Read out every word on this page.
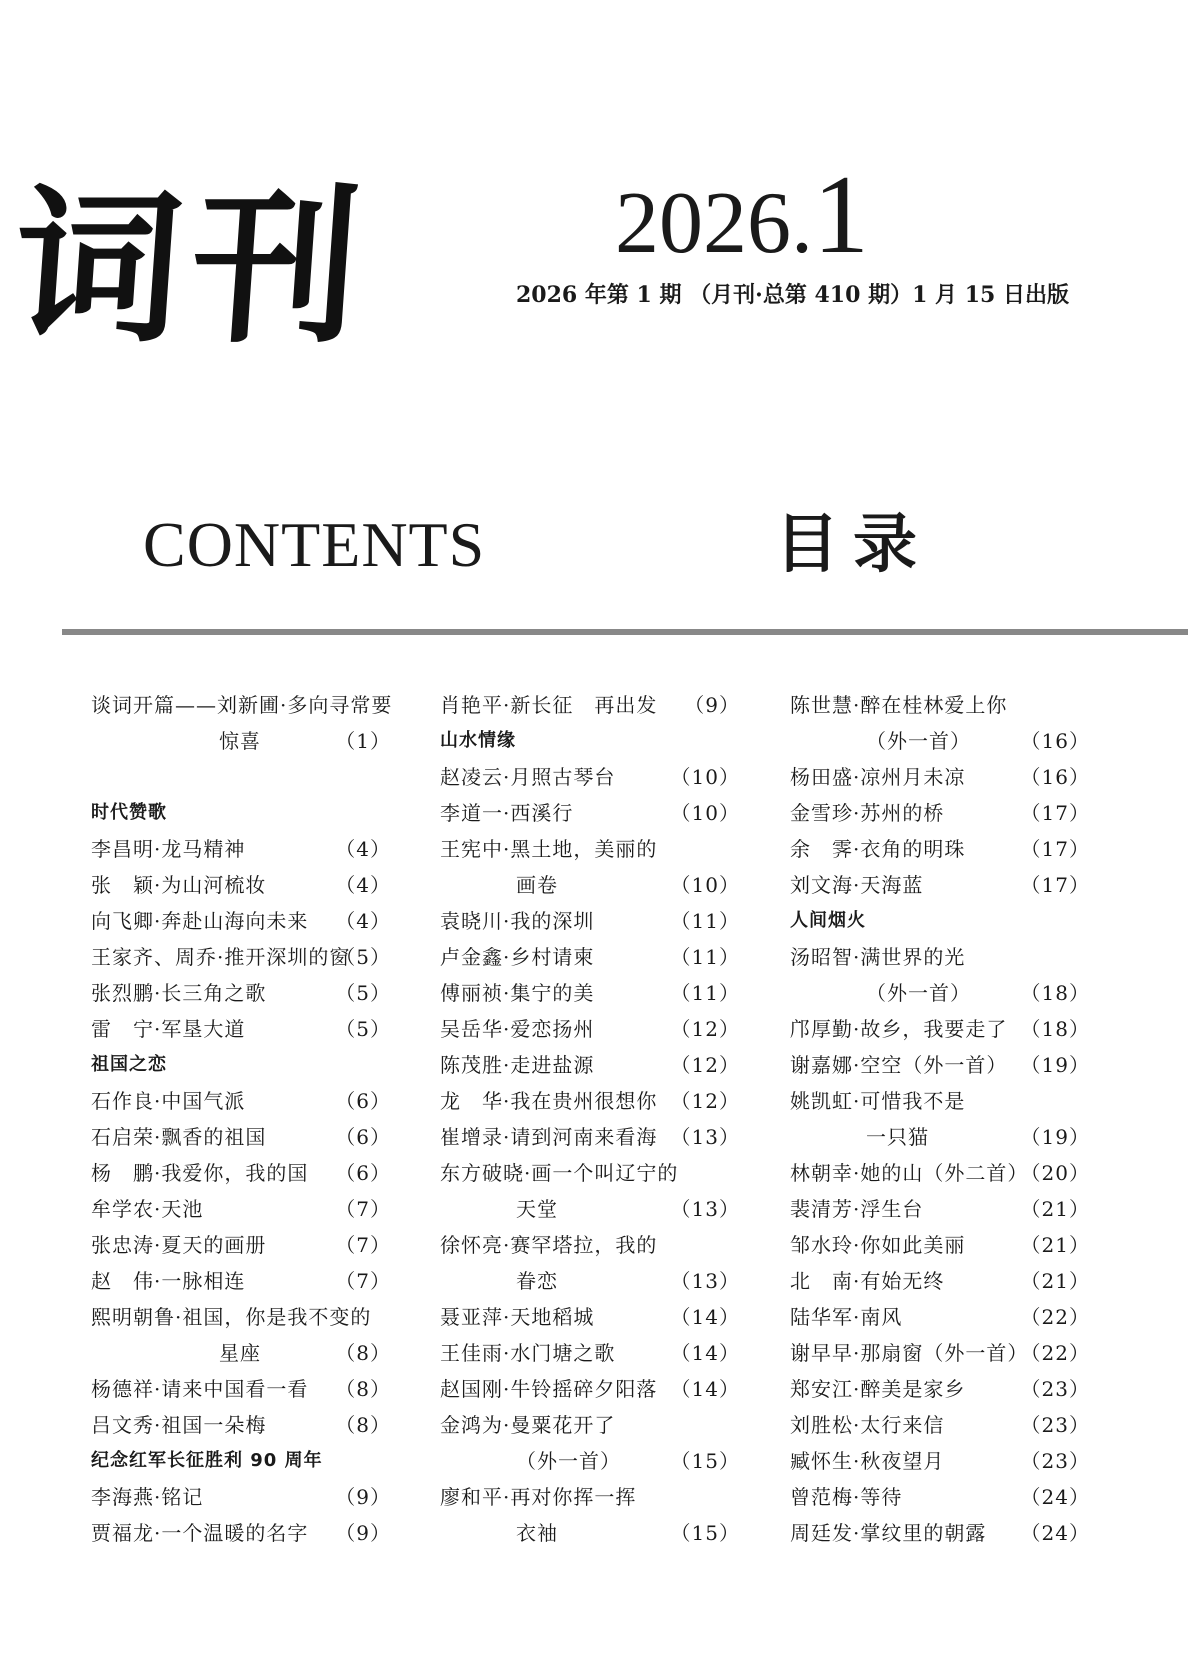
词刊	2026.1
2026 年第 1 期 （月刊·总第 410 期）1 月 15 日出版
CONTENTS	目录
谈词开篇——刘新圃·多向寻常要
惊喜	（1）
时代赞歌
李昌明·龙马精神	（4）
张　颖·为山河梳妆	（4）
向飞卿·奔赴山海向未来 （4）
王家齐、周乔·推开深圳的窗
（5）
张烈鹏·长三角之歌	（5）
雷　宁·军垦大道	（5）
祖国之恋
石作良·中国气派	（6）
石启荣·飘香的祖国	（6）
杨　鹏·我爱你，我的国 （6）
牟学农·天池	（7）
张忠涛·夏天的画册	（7）
赵　伟·一脉相连	（7）
熙明朝鲁·祖国，你是我不变的
星座	（8）
杨德祥·请来中国看一看 （8）
吕文秀·祖国一朵梅	（8）
纪念红军长征胜利 90 周年
李海燕·铭记	（9）
贾福龙·一个温暖的名字 （9）
肖艳平·新长征　再出发 （9）
山水情缘
赵凌云·月照古琴台	（10）
李道一·西溪行	（10）
王宪中·黑土地，美丽的
画卷	（10）
袁晓川·我的深圳	（11）
卢金鑫·乡村请柬	（11）
傅丽祯·集宁的美	（11）
吴岳华·爱恋扬州	（12）
陈茂胜·走进盐源	（12）
龙　华·我在贵州很想你 （12）
崔增录·请到河南来看海 （13）
东方破晓·画一个叫辽宁的
天堂	（13）
徐怀亮·赛罕塔拉，我的
眷恋	（13）
聂亚萍·天地稻城	（14）
王佳雨·水门塘之歌	（14）
赵国刚·牛铃摇碎夕阳落 （14）
金鸿为·曼粟花开了
（外一首） （15）
廖和平·再对你挥一挥
衣袖	（15）
陈世慧·醉在桂林爱上你
（外一首） （16）
杨田盛·凉州月未凉	（16）
金雪珍·苏州的桥	（17）
余　霁·衣角的明珠	（17）
刘文海·天海蓝	（17）
人间烟火
汤昭智·满世界的光
（外一首） （18）
邝厚勤·故乡，我要走了 （18）
谢嘉娜·空空（外一首） （19）
姚凯虹·可惜我不是
一只猫	（19）
林朝幸·她的山（外二首）
（20）
裴清芳·浮生台	（21）
邹水玲·你如此美丽	（21）
北　南·有始无终	（21）
陆华军·南风	（22）
谢早早·那扇窗（外一首）
（22）
郑安江·醉美是家乡	（23）
刘胜松·太行来信	（23）
臧怀生·秋夜望月	（23）
曾范梅·等待	（24）
周廷发·掌纹里的朝露 （24）
